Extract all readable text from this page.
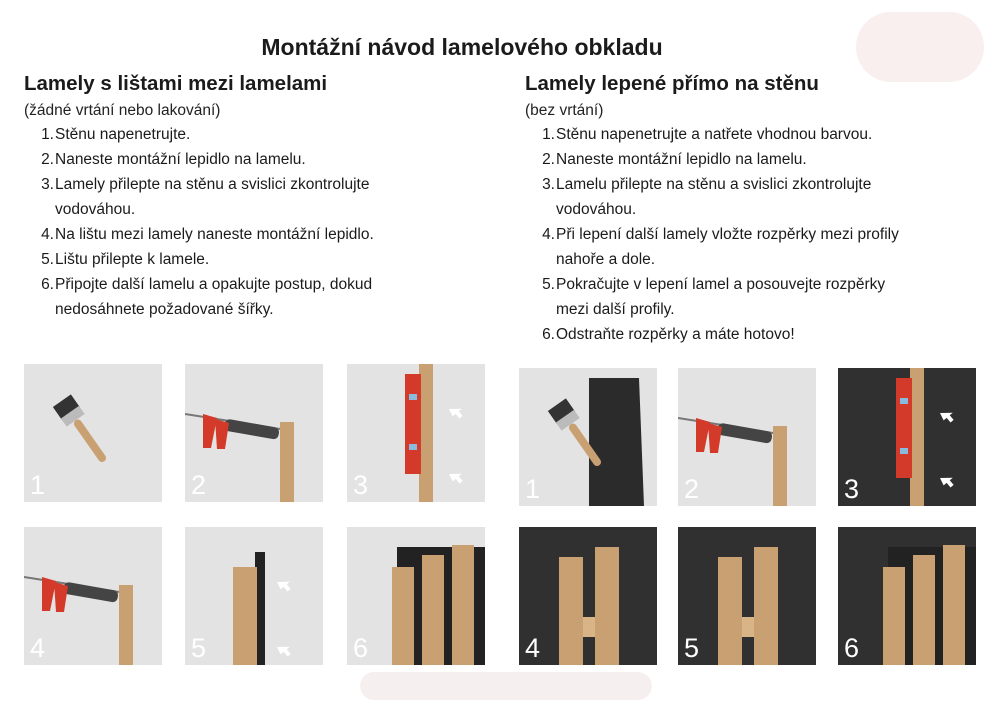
Montážní návod lamelového obkladu
Lamely s lištami mezi lamelami
(žádné vrtání nebo lakování)
1. Stěnu napenetrujte.
2. Naneste montážní lepidlo na lamelu.
3. Lamely přilepte na stěnu a svislici zkontrolujte
vodováhou.
4. Na lištu mezi lamely naneste montážní lepidlo.
5. Lištu přilepte k lamele.
6. Připojte další lamelu a opakujte postup, dokud
nedosáhnete požadované šířky.
Lamely lepené přímo na stěnu
(bez vrtání)
1. Stěnu napenetrujte a natřete vhodnou barvou.
2. Naneste montážní lepidlo na lamelu.
3. Lamelu přilepte na stěnu a svislici zkontrolujte
vodováhou.
4. Při lepení další lamely vložte rozpěrky mezi profily
nahoře a dole.
5. Pokračujte v lepení lamel a posouvejte rozpěrky
mezi další profily.
6. Odstraňte rozpěrky a máte hotovo!
1	2	3
4	5	6
1	2	3
4	5	6
